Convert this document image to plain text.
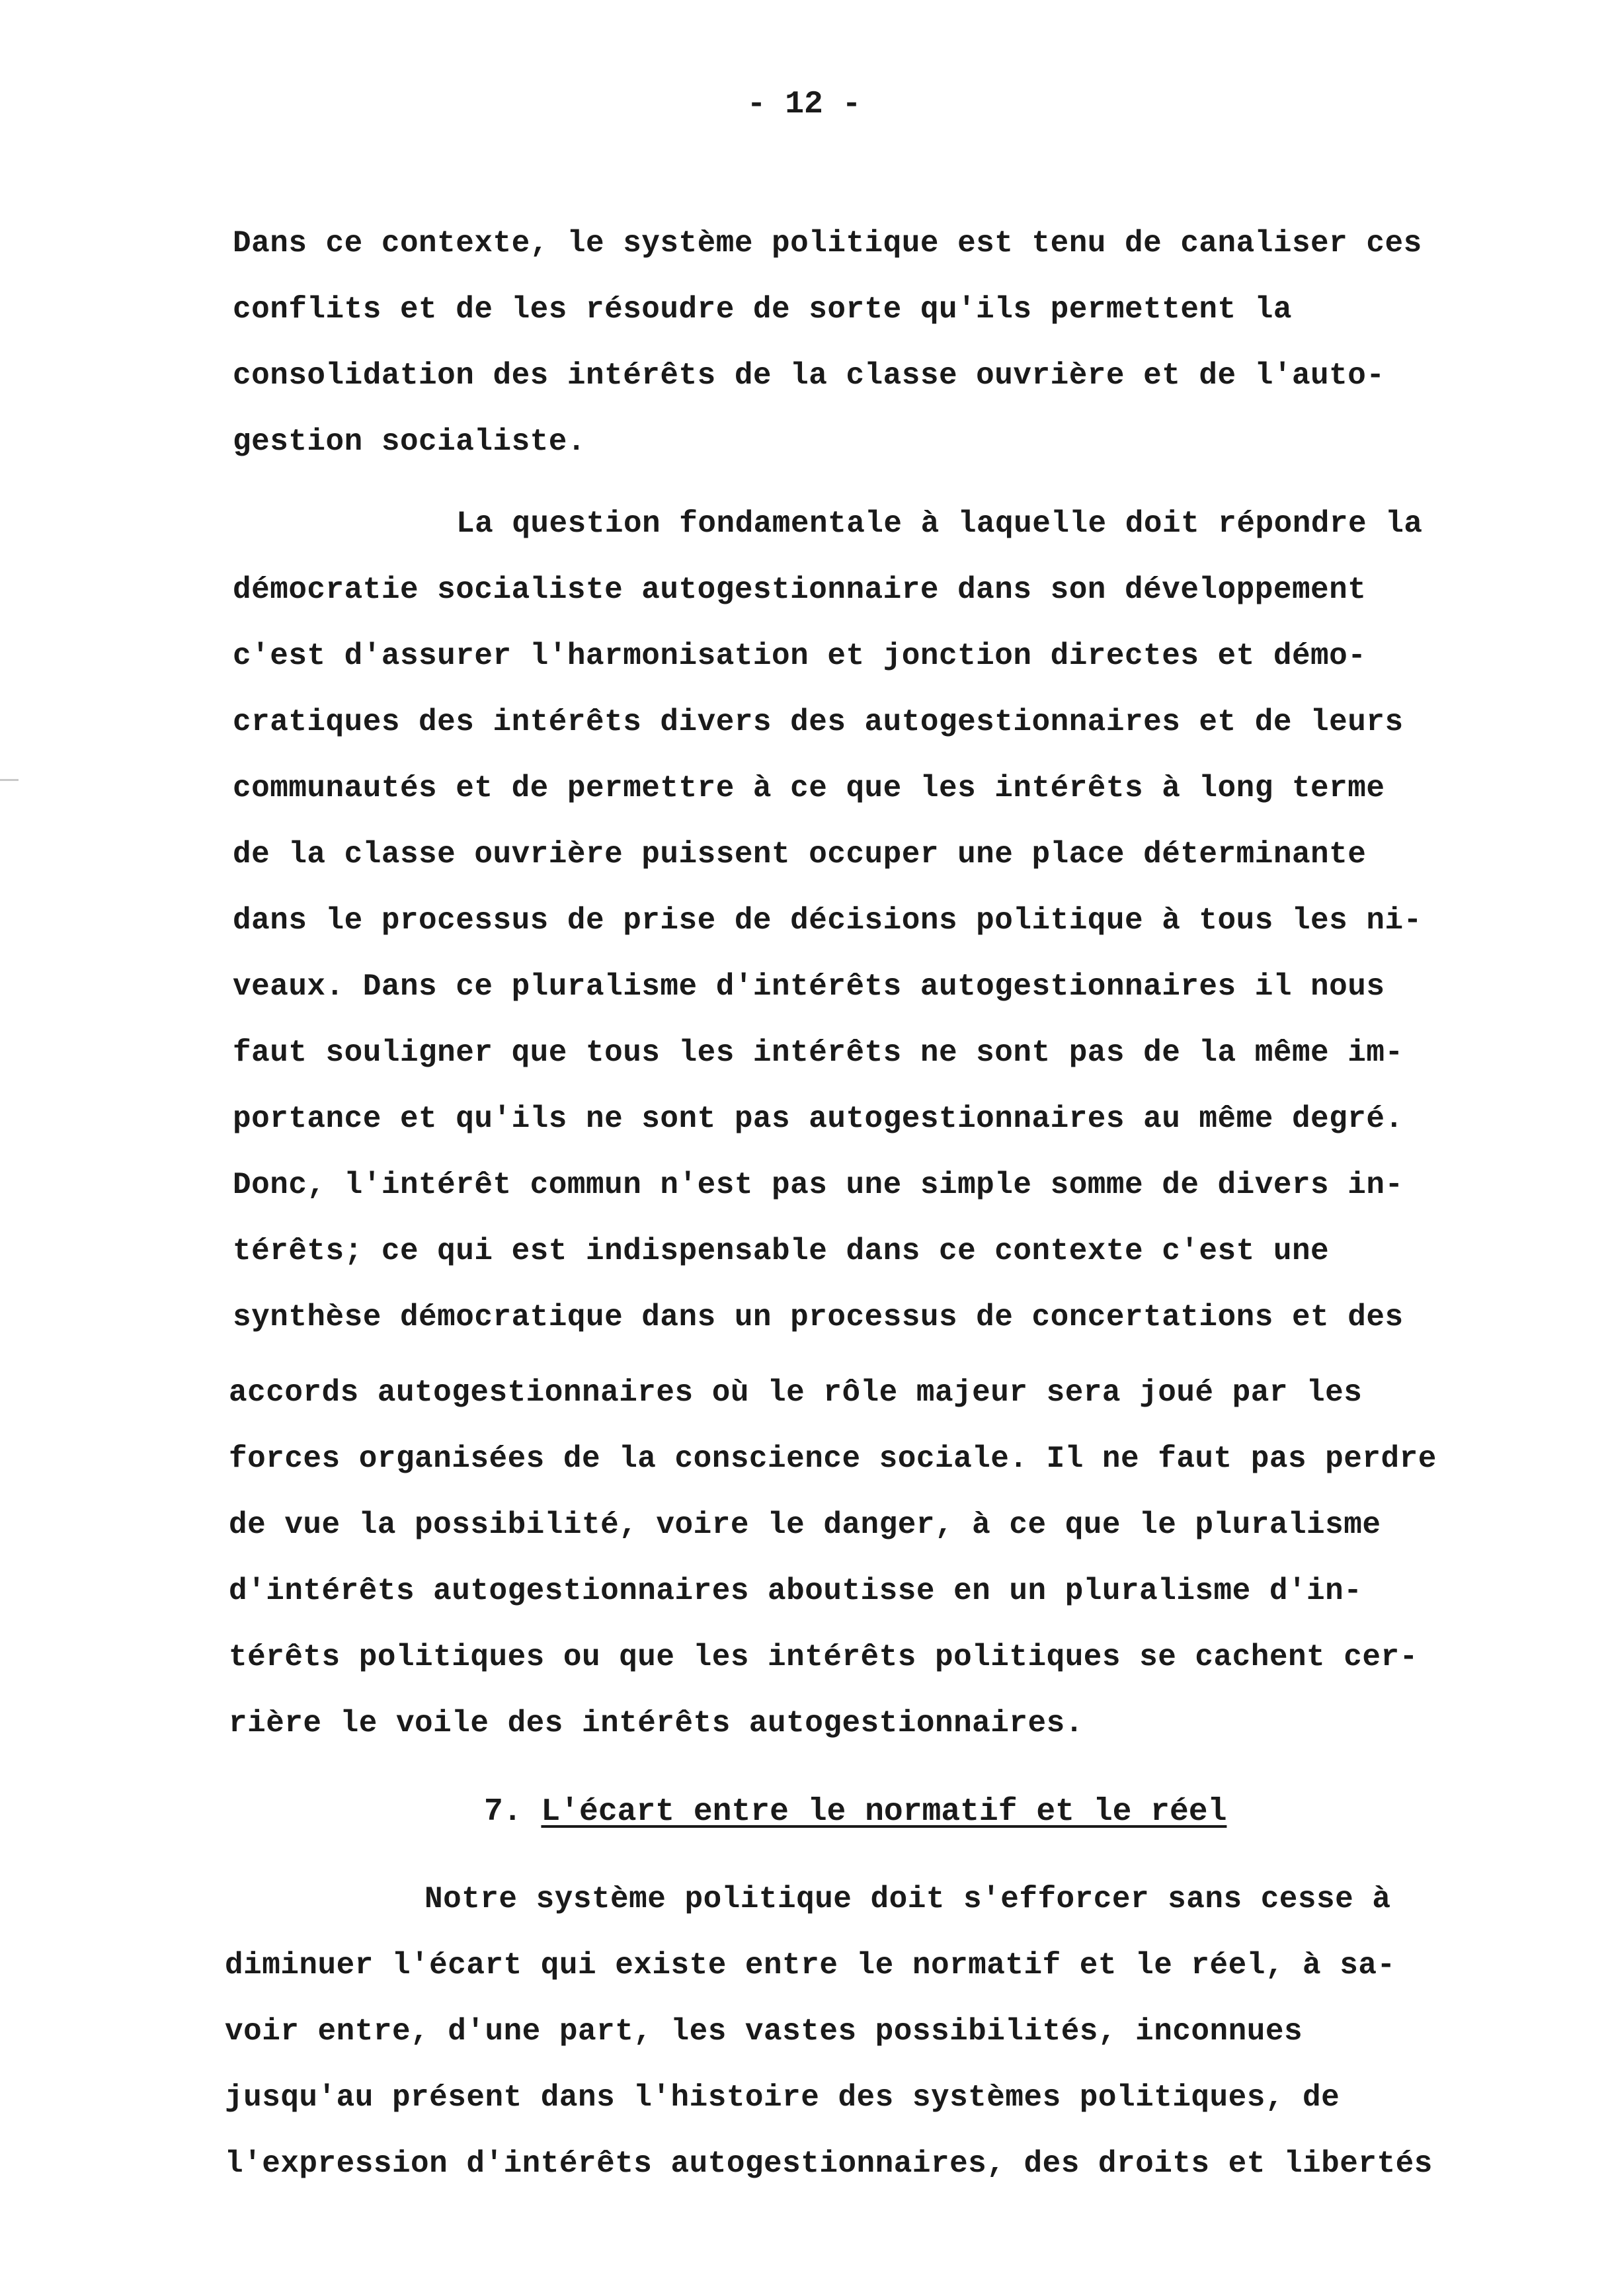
- 12 -
Dans ce contexte, le système politique est tenu de canaliser ces
conflits et de les résoudre de sorte qu'ils permettent la
consolidation des intérêts de la classe ouvrière et de l'auto-
gestion socialiste.
La question fondamentale à laquelle doit répondre la
démocratie socialiste autogestionnaire dans son développement
c'est d'assurer l'harmonisation et jonction directes et démo-
cratiques des intérêts divers des autogestionnaires et de leurs
communautés et de permettre à ce que les intérêts à long terme
de la classe ouvrière puissent occuper une place déterminante
dans le processus de prise de décisions politique à tous les ni-
veaux. Dans ce pluralisme d'intérêts autogestionnaires il nous
faut souligner que tous les intérêts ne sont pas de la même im-
portance et qu'ils ne sont pas autogestionnaires au même degré.
Donc, l'intérêt commun n'est pas une simple somme de divers in-
térêts; ce qui est indispensable dans ce contexte c'est une
synthèse démocratique dans un processus de concertations et des
accords autogestionnaires où le rôle majeur sera joué par les
forces organisées de la conscience sociale. Il ne faut pas perdre
de vue la possibilité, voire le danger, à ce que le pluralisme
d'intérêts autogestionnaires aboutisse en un pluralisme d'in-
térêts politiques ou que les intérêts politiques se cachent cer-
rière le voile des intérêts autogestionnaires.
7. L'écart entre le normatif et le réel
Notre système politique doit s'efforcer sans cesse à
diminuer l'écart qui existe entre le normatif et le réel, à sa-
voir entre, d'une part, les vastes possibilités, inconnues
jusqu'au présent dans l'histoire des systèmes politiques, de
l'expression d'intérêts autogestionnaires, des droits et libertés
